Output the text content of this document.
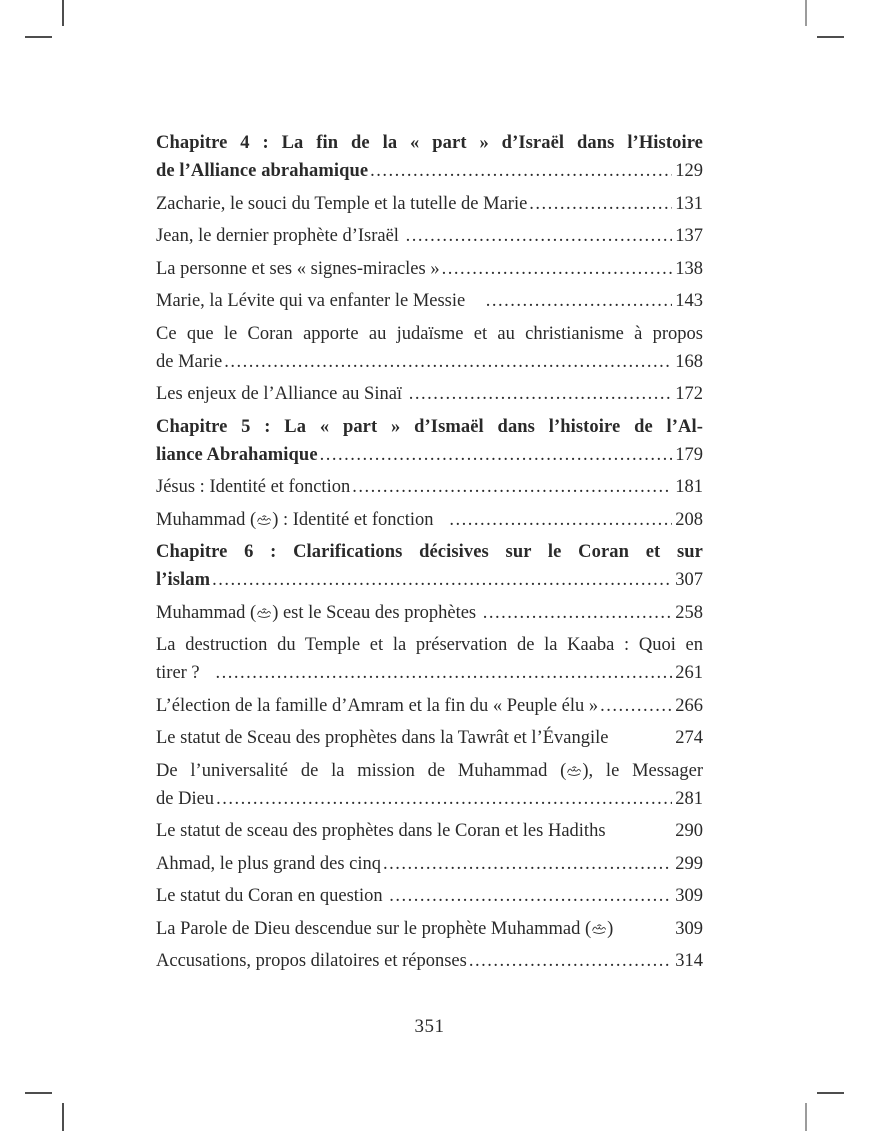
Chapitre 4 : La fin de la « part » d’Israël dans l’Histoire
de l’Alliance abrahamique .....	129
Zacharie, le souci du Temple et la tutelle de Marie .....	131
Jean, le dernier prophète d’Israël .....	137
La personne et ses « signes-miracles » .....	138
Marie, la Lévite qui va enfanter le Messie .....	143
Ce que le Coran apporte au judaïsme et au christianisme à propos
de Marie .....	168
Les enjeux de l’Alliance au Sinaï .....	172
Chapitre 5 : La « part » d’Ismaël dans l’histoire de l’Al-
liance Abrahamique .....	179
Jésus : Identité et fonction .....	181
Muhammad ( ) : Identité et fonction .....	208
Chapitre 6 : Clarifications décisives sur le Coran et sur
l’islam .....	307
Muhammad ( ) est le Sceau des prophètes .....	258
La destruction du Temple et la préservation de la Kaaba : Quoi en
tirer ? .....	261
L’élection de la famille d’Amram et la fin du « Peuple élu » .....	266
Le statut de Sceau des prophètes dans la Tawrât et l’Évangile	274
De l’universalité de la mission de Muhammad ( ), le Messager
de Dieu .....	281
Le statut de sceau des prophètes dans le Coran et les Hadiths	290
Ahmad, le plus grand des cinq .....	299
Le statut du Coran en question .....	309
La Parole de Dieu descendue sur le prophète Muhammad ( )	309
Accusations, propos dilatoires et réponses .....	314
351
